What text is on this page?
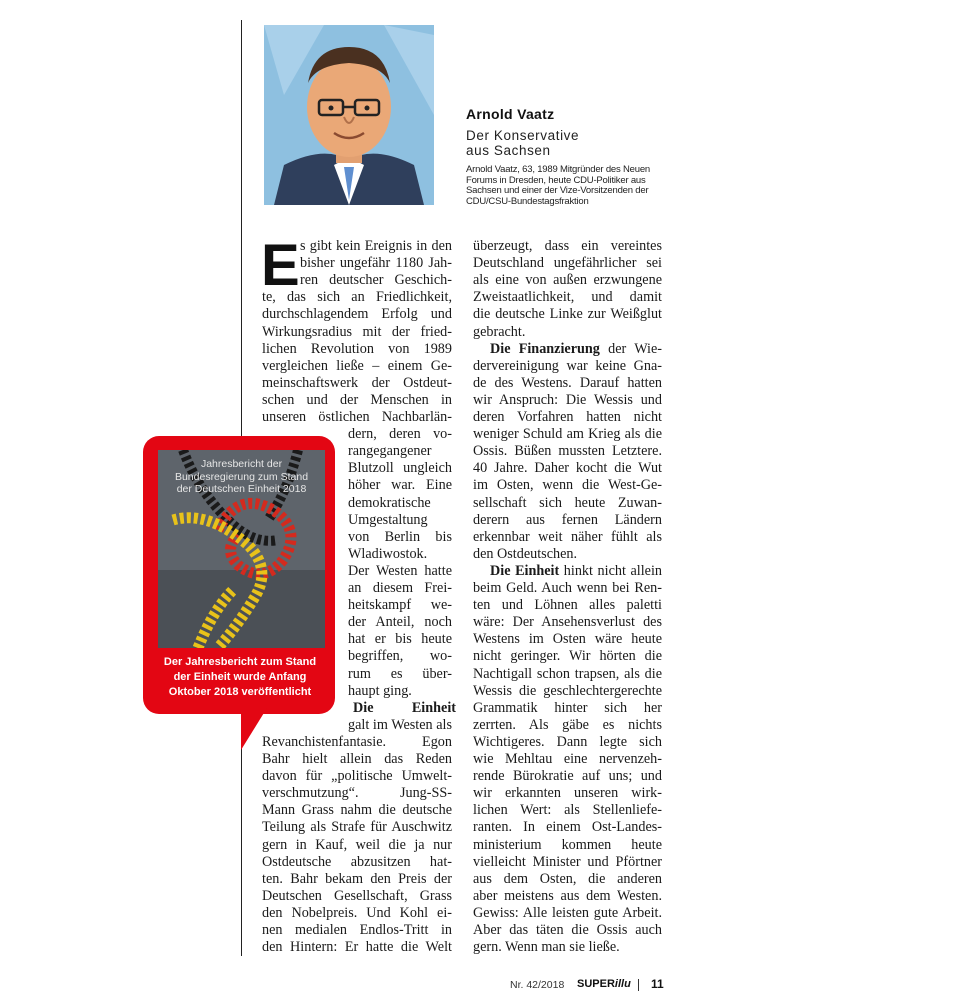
Arnold Vaatz

Der Konservative
aus Sachsen

Arnold Vaatz, 63, 1989 Mitgründer des Neuen
Forums in Dresden, heute CDU-Politiker aus
Sachsen und einer der Vize-Vorsitzenden der
CDU/CSU-Bundestagsfraktion

E s gibt kein Ereignis in den
bisher ungefähr 1180 Jah-
ren deutscher Geschich-
te, das sich an Friedlichkeit,
durchschlagendem Erfolg und
Wirkungsradius mit der fried-
lichen Revolution von 1989
vergleichen ließe – einem Ge-
meinschaftswerk der Ostdeut-
schen und der Menschen in
unseren östlichen Nachbarlän-
dern, deren vo-
rangegangener
Blutzoll ungleich
höher war. Eine
demokratische
Umgestaltung
von Berlin bis
Wladiwostok.
Der Westen hatte
an diesem Frei-
heitskampf we-
der Anteil, noch
hat er bis heute
begriffen, wo-
rum es über-
haupt ging.
Die Einheit
galt im Westen als
Revanchistenfantasie. Egon
Bahr hielt allein das Reden
davon für „politische Umwelt-
verschmutzung“. Jung-SS-
Mann Grass nahm die deutsche
Teilung als Strafe für Auschwitz
gern in Kauf, weil die ja nur
Ostdeutsche abzusitzen hat-
ten. Bahr bekam den Preis der
Deutschen Gesellschaft, Grass
den Nobelpreis. Und Kohl ei-
nen medialen Endlos-Tritt in
den Hintern: Er hatte die Welt
überzeugt, dass ein vereintes
Deutschland ungefährlicher sei
als eine von außen erzwungene
Zweistaatlichkeit, und damit
die deutsche Linke zur Weißglut
gebracht.
Die Finanzierung der Wie-
dervereinigung war keine Gna-
de des Westens. Darauf hatten
wir Anspruch: Die Wessis und
deren Vorfahren hatten nicht
weniger Schuld am Krieg als die
Ossis. Büßen mussten Letztere.
40 Jahre. Daher kocht die Wut
im Osten, wenn die West-Ge-
sellschaft sich heute Zuwan-
derern aus fernen Ländern
erkennbar weit näher fühlt als
den Ostdeutschen.
Die Einheit hinkt nicht allein
beim Geld. Auch wenn bei Ren-
ten und Löhnen alles paletti
wäre: Der Ansehensverlust des
Westens im Osten wäre heute
nicht geringer. Wir hörten die
Nachtigall schon trapsen, als die
Wessis die geschlechtergerechte
Grammatik hinter sich her
zerrten. Als gäbe es nichts
Wichtigeres. Dann legte sich
wie Mehltau eine nervenzeh-
rende Bürokratie auf uns; und
wir erkannten unseren wirk-
lichen Wert: als Stellenliefe-
ranten. In einem Ost-Landes-
ministerium kommen heute
vielleicht Minister und Pförtner
aus dem Osten, die anderen
aber meistens aus dem Westen.
Gewiss: Alle leisten gute Arbeit.
Aber das täten die Ossis auch
gern. Wenn man sie ließe.
Jahresbericht der
Bundesregierung zum Stand
der Deutschen Einheit 2018
Der Jahresbericht zum Stand
der Einheit wurde Anfang
Oktober 2018 veröffentlicht
Nr. 42/2018 SUPERillu 11
